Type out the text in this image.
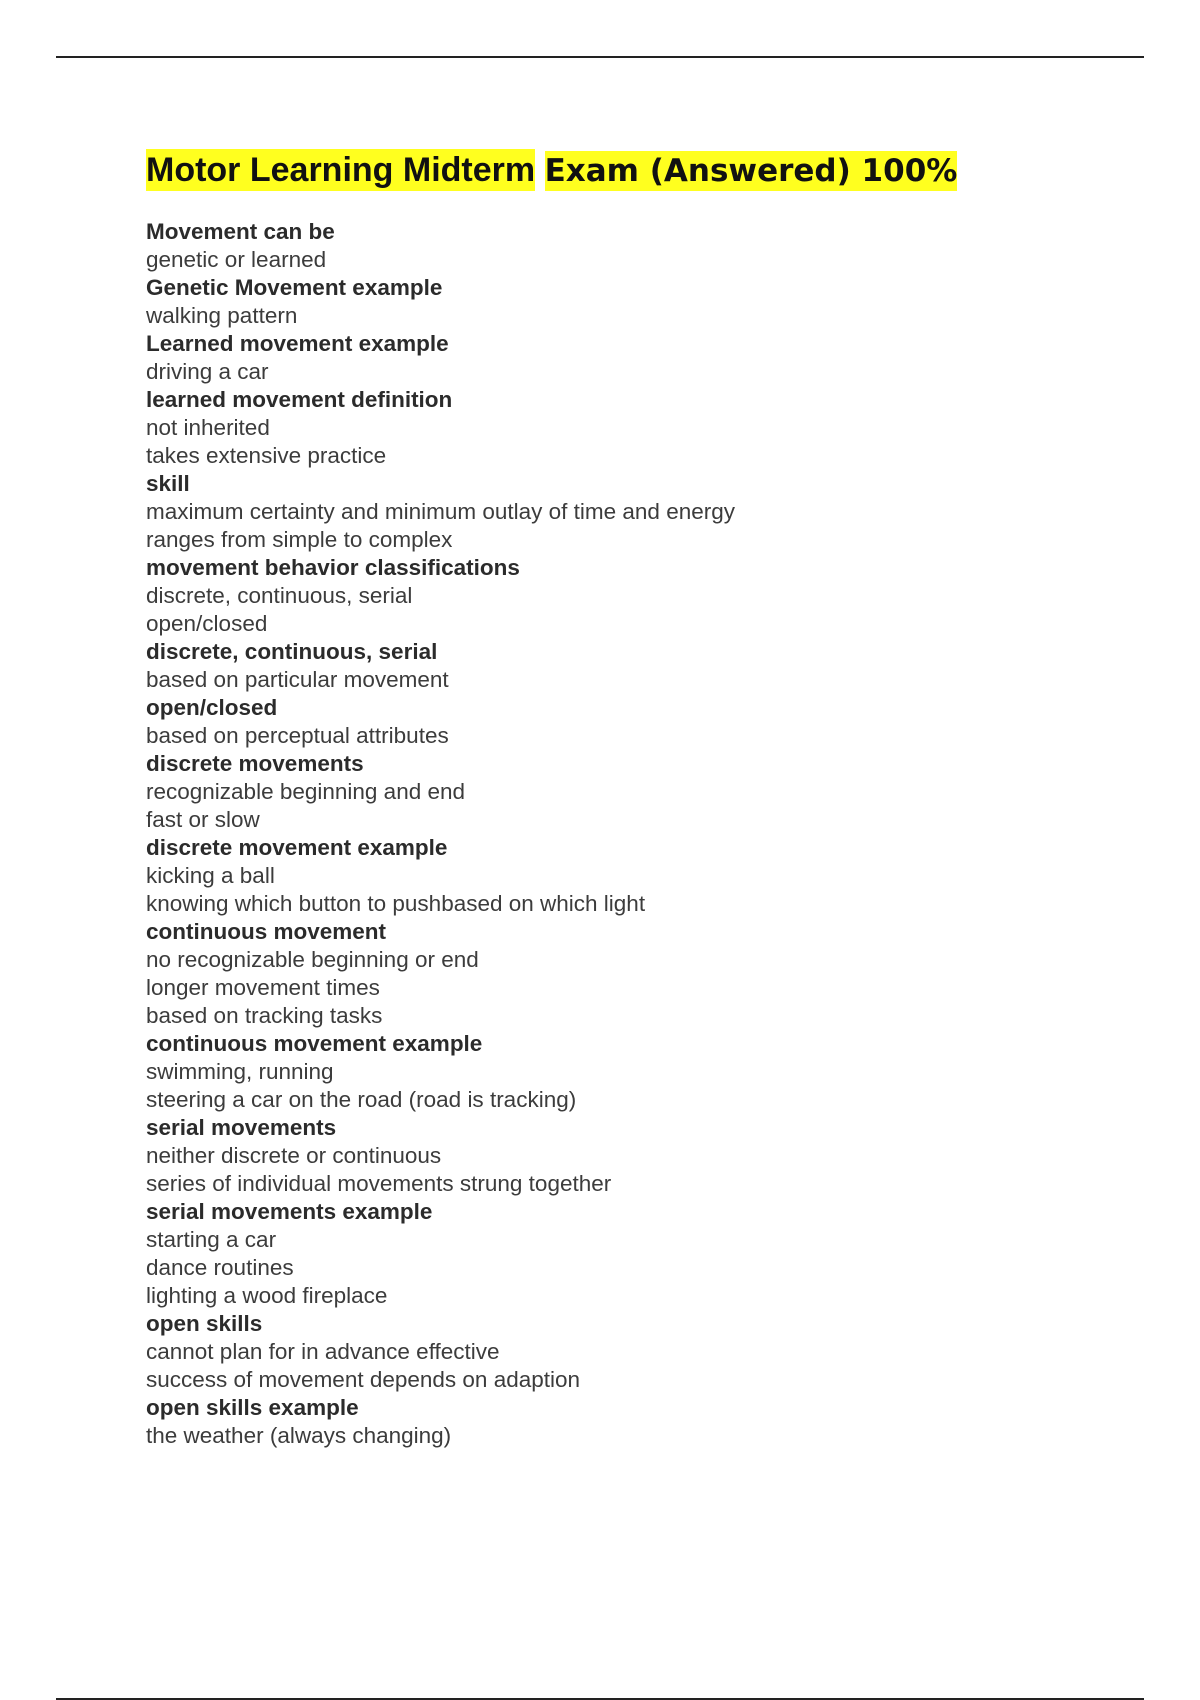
Motor Learning Midterm Exam (Answered) 100%
Movement can be
genetic or learned
Genetic Movement example
walking pattern
Learned movement example
driving a car
learned movement definition
not inherited
takes extensive practice
skill
maximum certainty and minimum outlay of time and energy
ranges from simple to complex
movement behavior classifications
discrete, continuous, serial
open/closed
discrete, continuous, serial
based on particular movement
open/closed
based on perceptual attributes
discrete movements
recognizable beginning and end
fast or slow
discrete movement example
kicking a ball
knowing which button to pushbased on which light
continuous movement
no recognizable beginning or end
longer movement times
based on tracking tasks
continuous movement example
swimming, running
steering a car on the road (road is tracking)
serial movements
neither discrete or continuous
series of individual movements strung together
serial movements example
starting a car
dance routines
lighting a wood fireplace
open skills
cannot plan for in advance effective
success of movement depends on adaption
open skills example
the weather (always changing)
